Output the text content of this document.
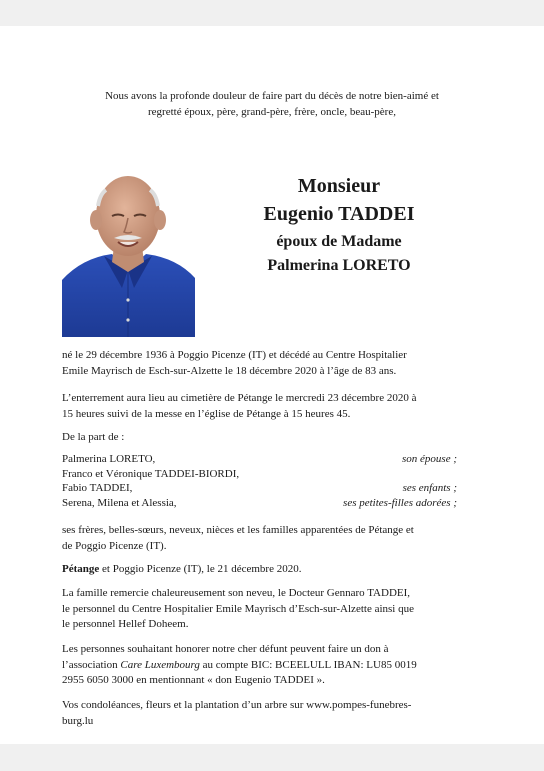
Nous avons la profonde douleur de faire part du décès de notre bien-aimé et
regretté époux, père, grand-père, frère, oncle, beau-père,
Monsieur
Eugenio TADDEI
époux de Madame
Palmerina LORETO

né le 29 décembre 1936 à Poggio Picenze (IT) et décédé au Centre Hospitalier
Emile Mayrisch de Esch-sur-Alzette le 18 décembre 2020 à l’âge de 83 ans.

L’enterrement aura lieu au cimetière de Pétange le mercredi 23 décembre 2020 à
15 heures suivi de la messe en l’église de Pétange à 15 heures 45.

De la part de :

Palmerina LORETO,	son épouse ;
Franco et Véronique TADDEI-BIORDI,
Fabio TADDEI,	ses enfants ;
Serena, Milena et Alessia,	ses petites-filles adorées ;

ses frères, belles-sœurs, neveux, nièces et les familles apparentées de Pétange et
de Poggio Picenze (IT).

Pétange et Poggio Picenze (IT), le 21 décembre 2020.

La famille remercie chaleureusement son neveu, le Docteur Gennaro TADDEI,
le personnel du Centre Hospitalier Emile Mayrisch d’Esch-sur-Alzette ainsi que
le personnel Hellef Doheem.

Les personnes souhaitant honorer notre cher défunt peuvent faire un don à
l’association Care Luxembourg au compte BIC: BCEELULL IBAN: LU85 0019
2955 6050 3000 en mentionnant « don Eugenio TADDEI ».

Vos condoléances, fleurs et la plantation d’un arbre sur www.pompes-funebres-
burg.lu
